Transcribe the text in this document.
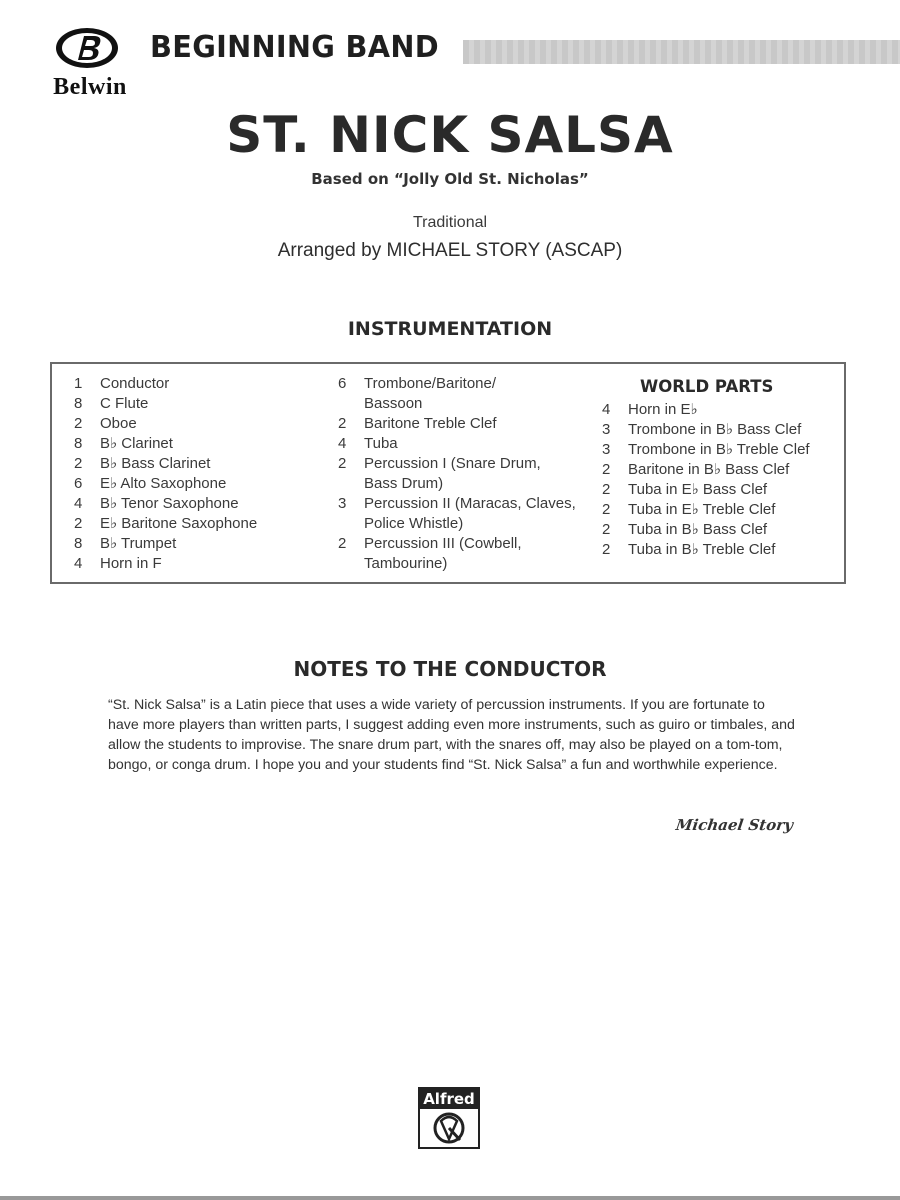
Belwin
BEGINNING BAND
ST. NICK SALSA
Based on “Jolly Old St. Nicholas”
Traditional
Arranged by MICHAEL STORY (ASCAP)
INSTRUMENTATION
1	Conductor
8	C Flute
2	Oboe
8	B♭ Clarinet
2	B♭ Bass Clarinet
6	E♭ Alto Saxophone
4	B♭ Tenor Saxophone
2	E♭ Baritone Saxophone
8	B♭ Trumpet
4	Horn in F
6	Trombone/Baritone/ Bassoon
2	Baritone Treble Clef
4	Tuba
2	Percussion I (Snare Drum, Bass Drum)
3	Percussion II (Maracas, Claves, Police Whistle)
2	Percussion III (Cowbell, Tambourine)
WORLD PARTS
4	Horn in E♭
3	Trombone in B♭ Bass Clef
3	Trombone in B♭ Treble Clef
2	Baritone in B♭ Bass Clef
2	Tuba in E♭ Bass Clef
2	Tuba in E♭ Treble Clef
2	Tuba in B♭ Bass Clef
2	Tuba in B♭ Treble Clef
NOTES TO THE CONDUCTOR
“St. Nick Salsa” is a Latin piece that uses a wide variety of percussion instruments. If you are fortunate to have more players than written parts, I suggest adding even more instruments, such as guiro or timbales, and allow the students to improvise. The snare drum part, with the snares off, may also be played on a tom-tom, bongo, or conga drum. I hope you and your students find “St. Nick Salsa” a fun and worthwhile experience.
Michael Story
Alfred
